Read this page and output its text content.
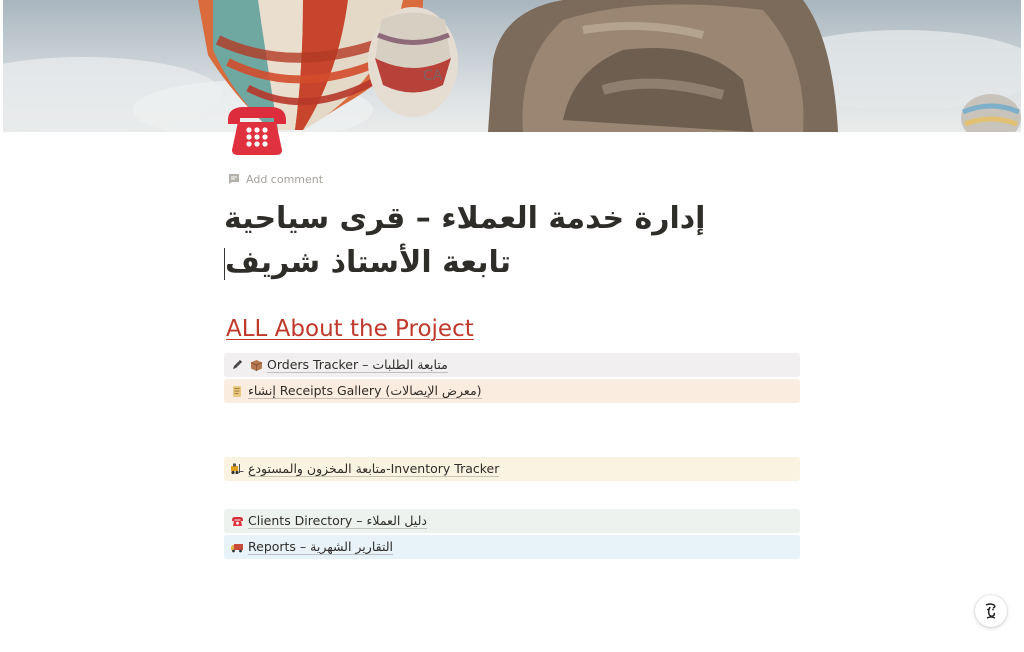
CA
Add comment
إدارة خدمة العملاء – قرى سياحية تابعة الأستاذ شريف
ALL About the Project
Orders Tracker – متابعة الطلبات
إنشاء Receipts Gallery (معرض الإيصالات)
متابعة المخزون والمستودع-Inventory Tracker
Clients Directory – دليل العملاء
Reports – التقارير الشهرية
